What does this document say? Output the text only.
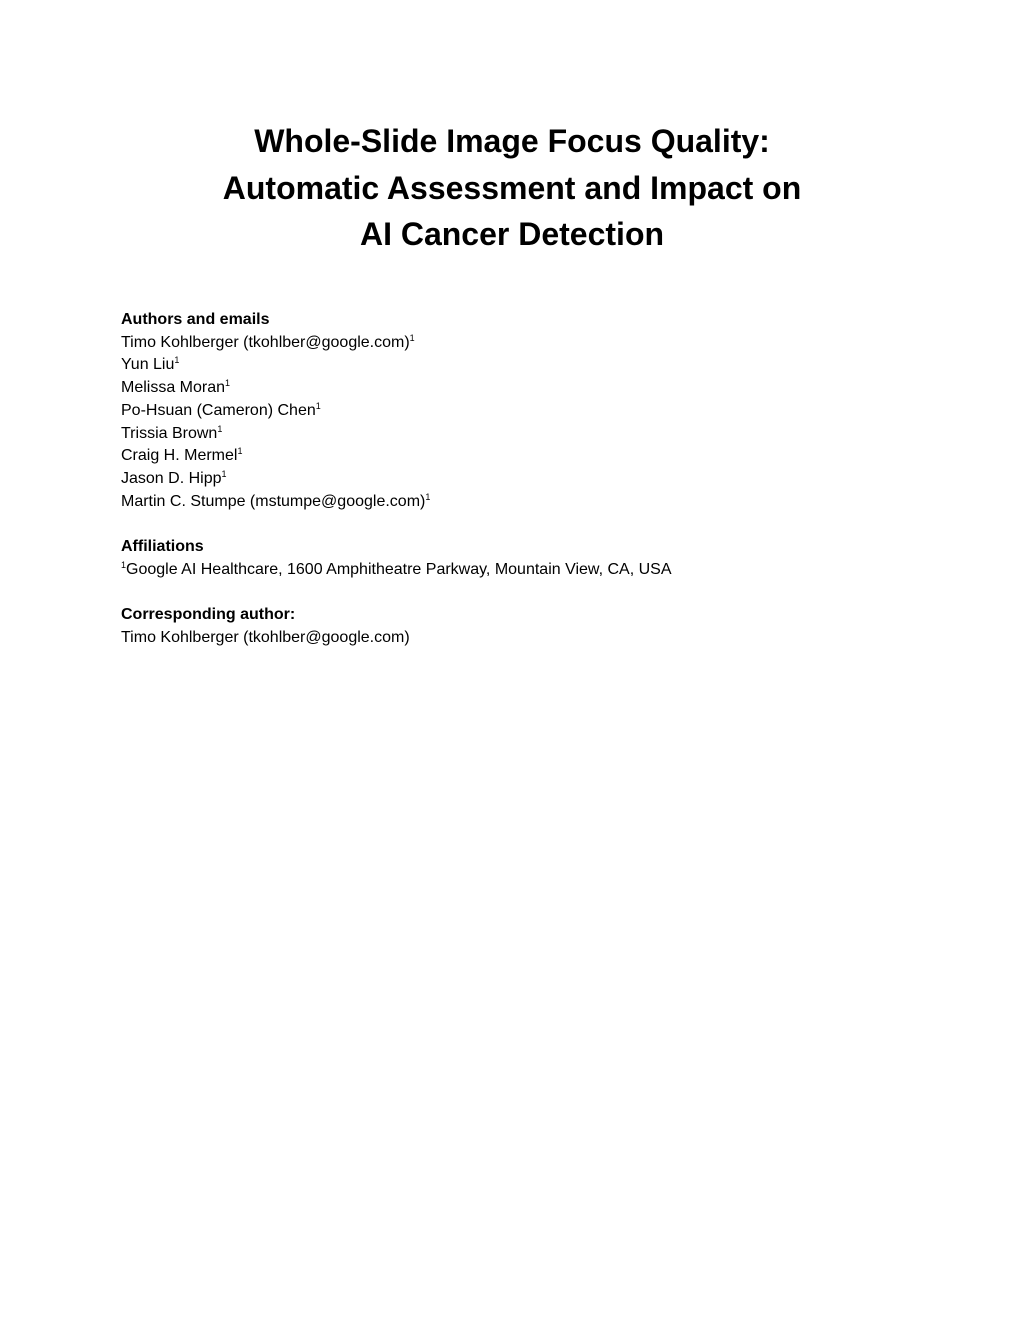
Whole-Slide Image Focus Quality:
Automatic Assessment and Impact on
AI Cancer Detection
Authors and emails
Timo Kohlberger (tkohlber@google.com)$^1$
Yun Liu$^1$
Melissa Moran$^1$
Po-Hsuan (Cameron) Chen$^1$
Trissia Brown$^1$
Craig H. Mermel$^1$
Jason D. Hipp$^1$
Martin C. Stumpe (mstumpe@google.com)$^1$
Affiliations
$^1$Google AI Healthcare, 1600 Amphitheatre Parkway, Mountain View, CA, USA
Corresponding author:
Timo Kohlberger (tkohlber@google.com)
